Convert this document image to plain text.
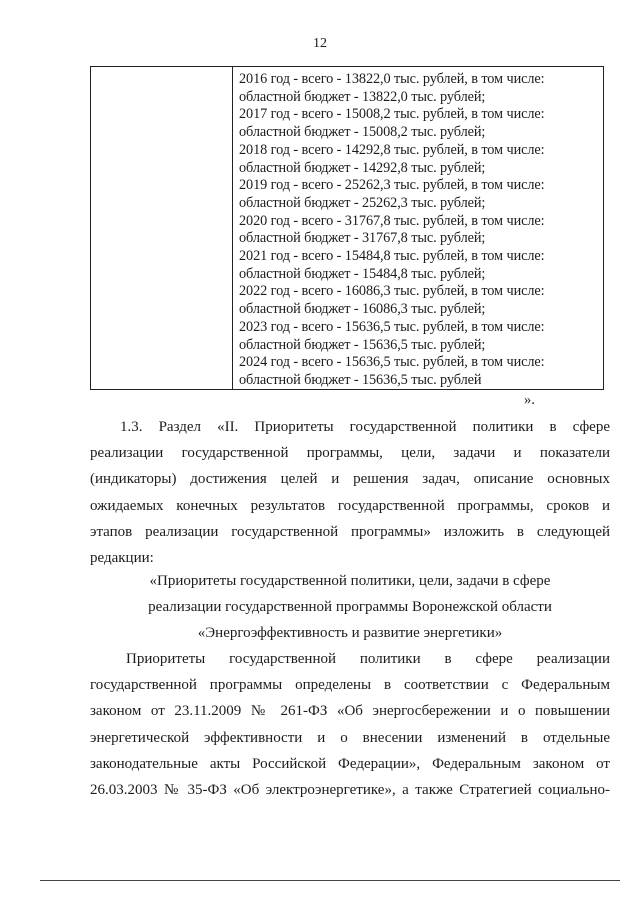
12
2016 год - всего - 13822,0 тыс. рублей, в том числе:
областной бюджет - 13822,0 тыс. рублей;
2017 год - всего - 15008,2 тыс. рублей, в том числе:
областной бюджет - 15008,2 тыс. рублей;
2018 год - всего - 14292,8 тыс. рублей, в том числе:
областной бюджет - 14292,8 тыс. рублей;
2019 год - всего - 25262,3 тыс. рублей, в том числе:
областной бюджет - 25262,3 тыс. рублей;
2020 год - всего - 31767,8 тыс. рублей, в том числе:
областной бюджет - 31767,8 тыс. рублей;
2021 год - всего - 15484,8 тыс. рублей, в том числе:
областной бюджет - 15484,8 тыс. рублей;
2022 год - всего - 16086,3 тыс. рублей, в том числе:
областной бюджет - 16086,3 тыс. рублей;
2023 год - всего - 15636,5 тыс. рублей, в том числе:
областной бюджет - 15636,5 тыс. рублей;
2024 год - всего - 15636,5 тыс. рублей, в том числе:
областной бюджет - 15636,5 тыс. рублей
».
1.3. Раздел «II. Приоритеты государственной политики в сфере
реализации государственной программы, цели, задачи и показатели
(индикаторы) достижения целей и решения задач, описание основных
ожидаемых конечных результатов государственной программы, сроков и
этапов реализации государственной программы» изложить в следующей
редакции:
«Приоритеты государственной политики, цели, задачи в сфере
реализации государственной программы Воронежской области
«Энергоэффективность и развитие энергетики»
Приоритеты государственной политики в сфере реализации
государственной программы определены в соответствии с Федеральным
законом от 23.11.2009 № 261-ФЗ «Об энергосбережении и о повышении
энергетической эффективности и о внесении изменений в отдельные
законодательные акты Российской Федерации», Федеральным законом от
26.03.2003 № 35-ФЗ «Об электроэнергетике», а также Стратегией социально-
